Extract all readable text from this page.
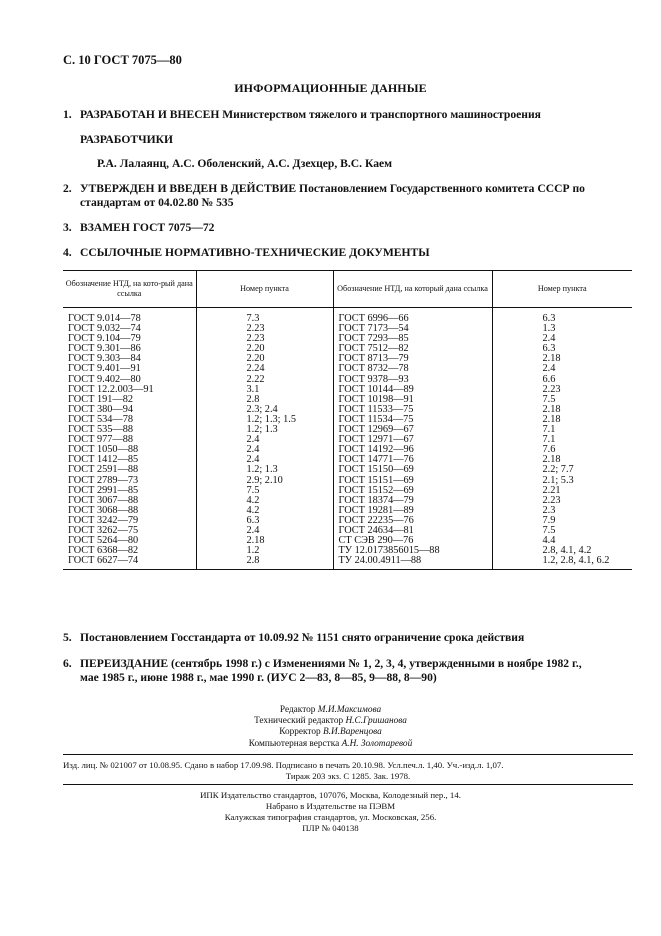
С. 10 ГОСТ 7075—80
ИНФОРМАЦИОННЫЕ ДАННЫЕ
1. РАЗРАБОТАН И ВНЕСЕН Министерством тяжелого и транспортного машиностроения
РАЗРАБОТЧИКИ
Р.А. Лалаянц, А.С. Оболенский, А.С. Дзехцер, В.С. Каем
2. УТВЕРЖДЕН И ВВЕДЕН В ДЕЙСТВИЕ Постановлением Государственного комитета СССР по
стандартам от 04.02.80 № 535
3. ВЗАМЕН ГОСТ 7075—72
4. ССЫЛОЧНЫЕ НОРМАТИВНО-ТЕХНИЧЕСКИЕ ДОКУМЕНТЫ
Обозначение НТД, на кото-рый дана ссылка	Номер пункта	Обозначение НТД, на который дана ссылка	Номер пункта

ГОСТ 9.014—78	7.3	ГОСТ 6996—66	6.3
ГОСТ 9.032—74	2.23	ГОСТ 7173—54	1.3
ГОСТ 9.104—79	2.23	ГОСТ 7293—85	2.4
ГОСТ 9.301—86	2.20	ГОСТ 7512—82	6.3
ГОСТ 9.303—84	2.20	ГОСТ 8713—79	2.18
ГОСТ 9.401—91	2.24	ГОСТ 8732—78	2.4
ГОСТ 9.402—80	2.22	ГОСТ 9378—93	6.6
ГОСТ 12.2.003—91	3.1	ГОСТ 10144—89	2.23
ГОСТ 191—82	2.8	ГОСТ 10198—91	7.5
ГОСТ 380—94	2.3; 2.4	ГОСТ 11533—75	2.18
ГОСТ 534—78	1.2; 1.3; 1.5	ГОСТ 11534—75	2.18
ГОСТ 535—88	1.2; 1.3	ГОСТ 12969—67	7.1
ГОСТ 977—88	2.4	ГОСТ 12971—67	7.1
ГОСТ 1050—88	2.4	ГОСТ 14192—96	7.6
ГОСТ 1412—85	2.4	ГОСТ 14771—76	2.18
ГОСТ 2591—88	1.2; 1.3	ГОСТ 15150—69	2.2; 7.7
ГОСТ 2789—73	2.9; 2.10	ГОСТ 15151—69	2.1; 5.3
ГОСТ 2991—85	7.5	ГОСТ 15152—69	2.21
ГОСТ 3067—88	4.2	ГОСТ 18374—79	2.23
ГОСТ 3068—88	4.2	ГОСТ 19281—89	2.3
ГОСТ 3242—79	6.3	ГОСТ 22235—76	7.9
ГОСТ 3262—75	2.4	ГОСТ 24634—81	7.5
ГОСТ 5264—80	2.18	СТ СЭВ 290—76	4.4
ГОСТ 6368—82	1.2	ТУ 12.0173856015—88	2.8, 4.1, 4.2
ГОСТ 6627—74	2.8	ТУ 24.00.4911—88	1.2, 2.8, 4.1, 6.2
5. Постановлением Госстандарта от 10.09.92 № 1151 снято ограничение срока действия
6. ПЕРЕИЗДАНИЕ (сентябрь 1998 г.) с Изменениями № 1, 2, 3, 4, утвержденными в ноябре 1982 г.,
мае 1985 г., июне 1988 г., мае 1990 г. (ИУС 2—83, 8—85, 9—88, 8—90)
Редактор М.И.Максимова
Технический редактор Н.С.Гришанова
Корректор В.И.Варенцова
Компьютерная верстка А.Н. Золотаревой
Изд. лиц. № 021007 от 10.08.95. Сдано в набор 17.09.98. Подписано в печать 20.10.98. Усл.печ.л. 1,40. Уч.-изд.л. 1,07.
Тираж 203 экз. С 1285. Зак. 1978.
ИПК Издательство стандартов, 107076, Москва, Колодезный пер., 14.
Набрано в Издательстве на ПЭВМ
Калужская типография стандартов, ул. Московская, 256.
ПЛР № 040138
